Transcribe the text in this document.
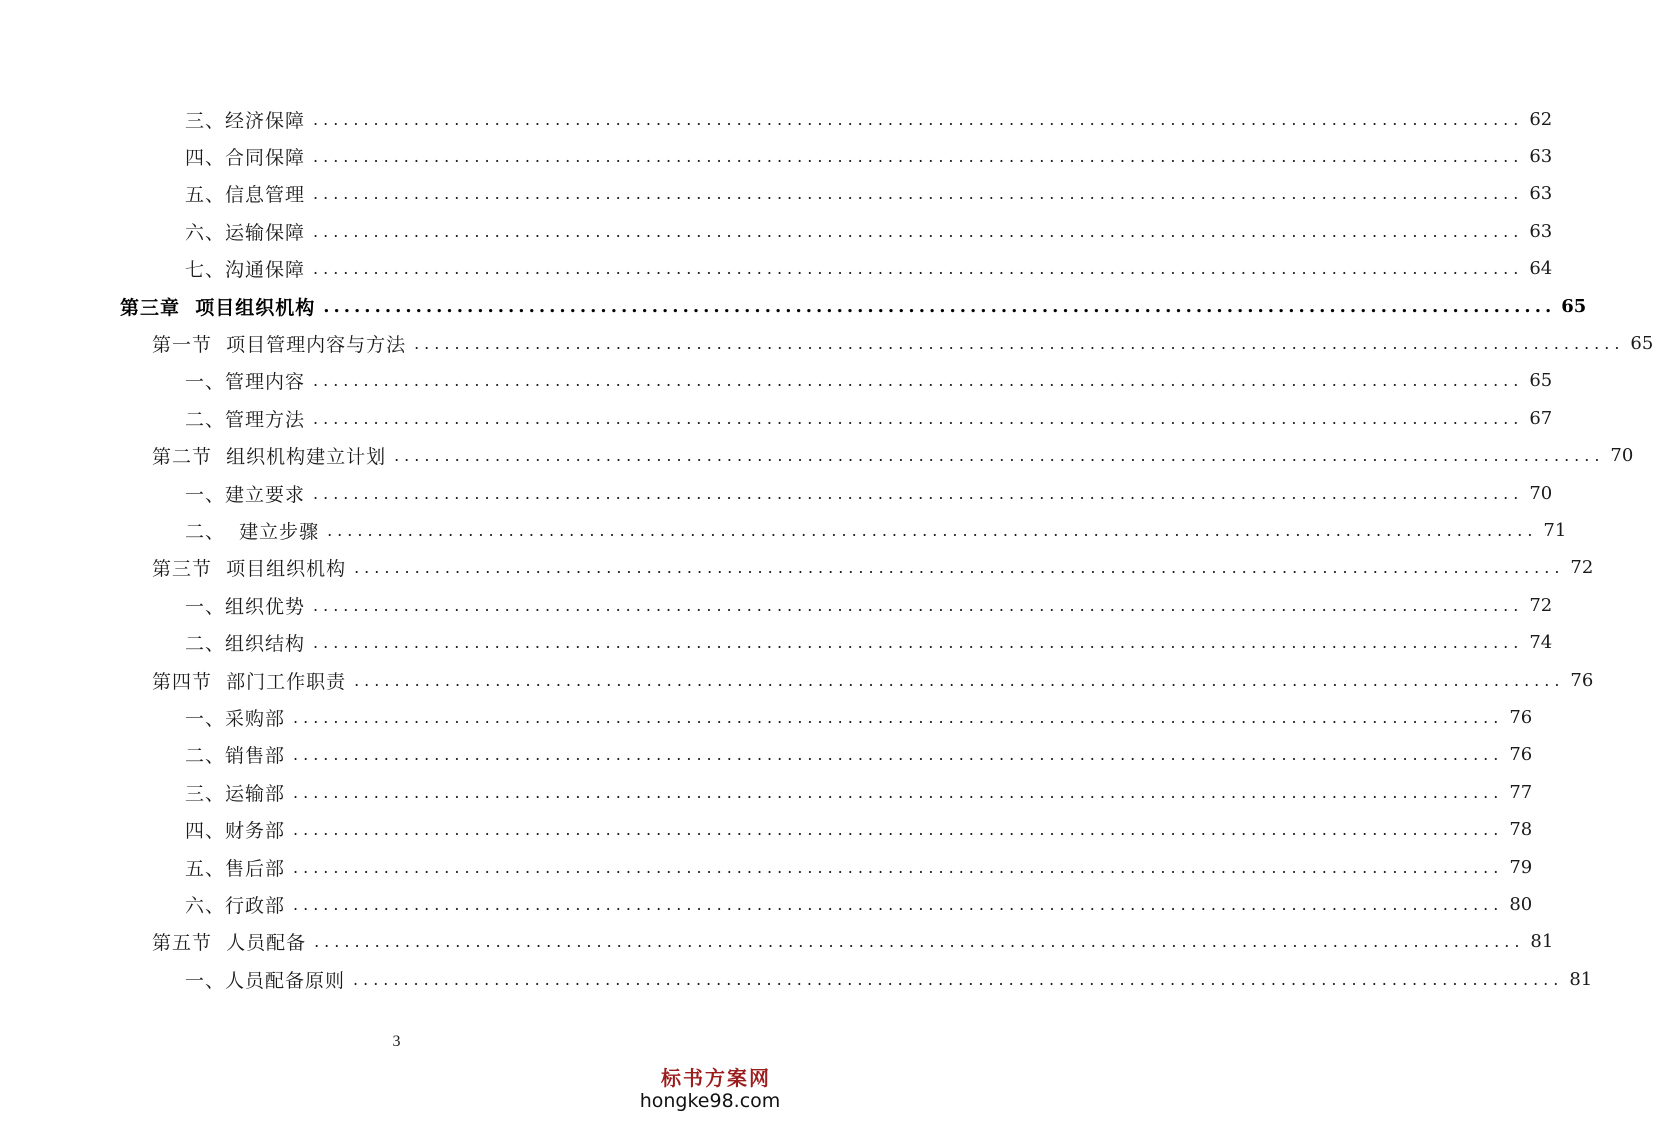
三、经济保障 ........................................................................................................................ 62
四、合同保障 ........................................................................................................................ 63
五、信息管理 ........................................................................................................................ 63
六、运输保障 ........................................................................................................................ 63
七、沟通保障 ........................................................................................................................ 64
第三章  项目组织机构 ........................................................................................................................ 65
第一节  项目管理内容与方法 ........................................................................................................................ 65
一、管理内容 ........................................................................................................................ 65
二、管理方法 ........................................................................................................................ 67
第二节  组织机构建立计划 ........................................................................................................................ 70
一、建立要求 ........................................................................................................................ 70
二、  建立步骤 ........................................................................................................................ 71
第三节  项目组织机构 ........................................................................................................................ 72
一、组织优势 ........................................................................................................................ 72
二、组织结构 ........................................................................................................................ 74
第四节  部门工作职责 ........................................................................................................................ 76
一、采购部 ........................................................................................................................ 76
二、销售部 ........................................................................................................................ 76
三、运输部 ........................................................................................................................ 77
四、财务部 ........................................................................................................................ 78
五、售后部 ........................................................................................................................ 79
六、行政部 ........................................................................................................................ 80
第五节  人员配备 ........................................................................................................................ 81
一、人员配备原则 ........................................................................................................................ 81
3
标书方案网
hongke98.com
